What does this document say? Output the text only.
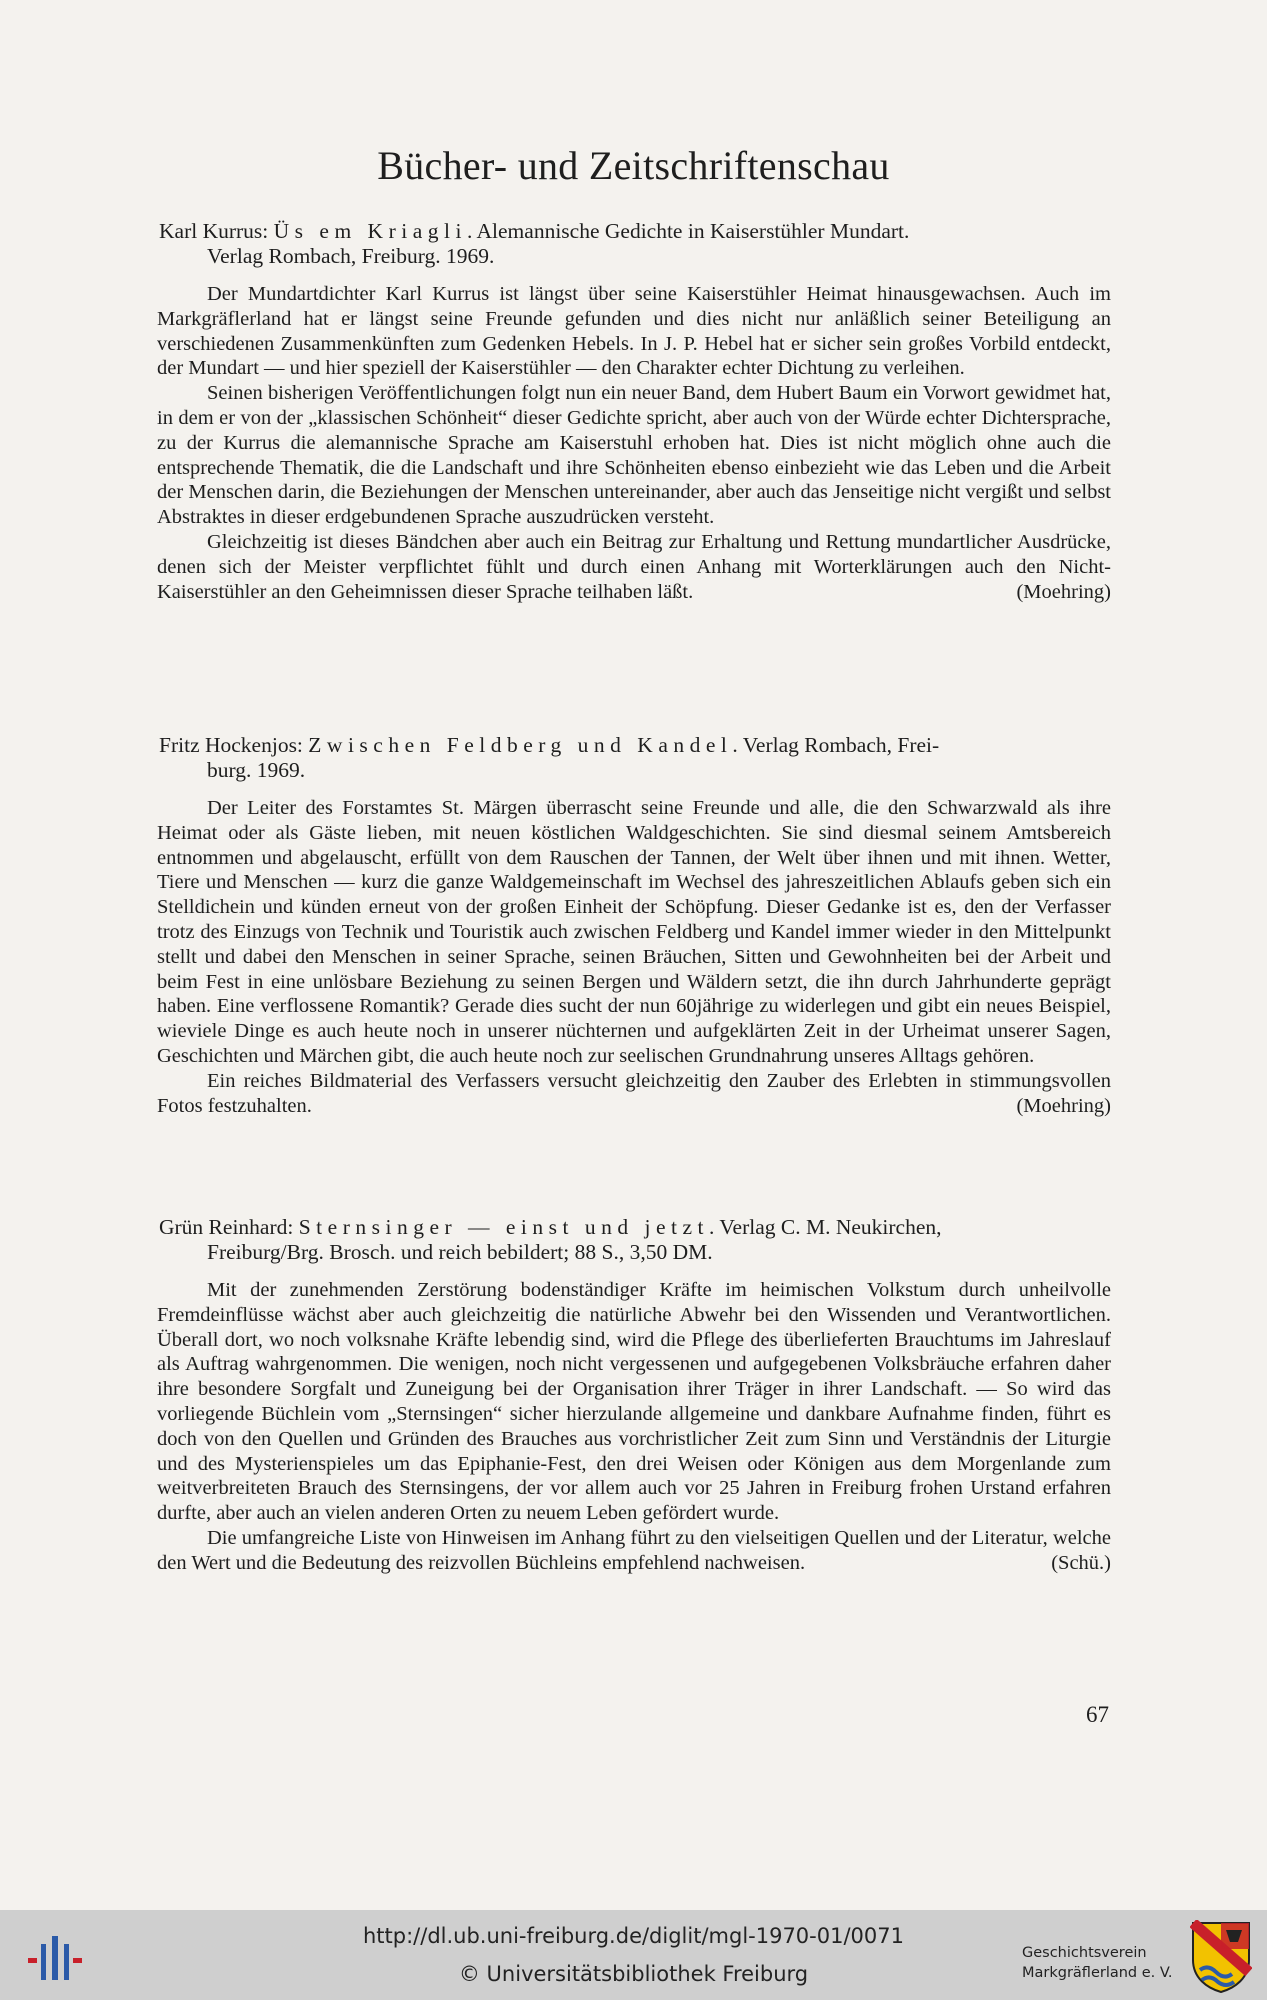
Bücher- und Zeitschriftenschau
Karl Kurrus: Üs em Kriagli. Alemannische Gedichte in Kaiserstühler Mundart.
Verlag Rombach, Freiburg. 1969.

Der Mundartdichter Karl Kurrus ist längst über seine Kaiserstühler Heimat hinausgewachsen. Auch im Markgräflerland hat er längst seine Freunde gefunden und dies nicht nur anläßlich seiner Beteiligung an verschiedenen Zusammenkünften zum Gedenken Hebels. In J. P. Hebel hat er sicher sein großes Vorbild entdeckt, der Mundart — und hier speziell der Kaiserstühler — den Charakter echter Dichtung zu verleihen.

Seinen bisherigen Veröffentlichungen folgt nun ein neuer Band, dem Hubert Baum ein Vorwort gewidmet hat, in dem er von der „klassischen Schönheit“ dieser Gedichte spricht, aber auch von der Würde echter Dichtersprache, zu der Kurrus die alemannische Sprache am Kaiserstuhl erhoben hat. Dies ist nicht möglich ohne auch die entsprechende Thematik, die die Landschaft und ihre Schönheiten ebenso einbezieht wie das Leben und die Arbeit der Menschen darin, die Beziehungen der Menschen untereinander, aber auch das Jenseitige nicht vergißt und selbst Abstraktes in dieser erdgebundenen Sprache auszudrücken versteht.

Gleichzeitig ist dieses Bändchen aber auch ein Beitrag zur Erhaltung und Rettung mundartlicher Ausdrücke, denen sich der Meister verpflichtet fühlt und durch einen Anhang mit Worterklärungen auch den Nicht-Kaiserstühler an den Geheimnissen dieser Sprache teilhaben läßt.	(Moehring)

Fritz Hockenjos: Zwischen Feldberg und Kandel. Verlag Rombach, Frei-
burg. 1969.

Der Leiter des Forstamtes St. Märgen überrascht seine Freunde und alle, die den Schwarzwald als ihre Heimat oder als Gäste lieben, mit neuen köstlichen Waldgeschichten. Sie sind diesmal seinem Amtsbereich entnommen und abgelauscht, erfüllt von dem Rauschen der Tannen, der Welt über ihnen und mit ihnen. Wetter, Tiere und Menschen — kurz die ganze Waldgemeinschaft im Wechsel des jahreszeitlichen Ablaufs geben sich ein Stelldichein und künden erneut von der großen Einheit der Schöpfung. Dieser Gedanke ist es, den der Verfasser trotz des Einzugs von Technik und Touristik auch zwischen Feldberg und Kandel immer wieder in den Mittelpunkt stellt und dabei den Menschen in seiner Sprache, seinen Bräuchen, Sitten und Gewohnheiten bei der Arbeit und beim Fest in eine unlösbare Beziehung zu seinen Bergen und Wäldern setzt, die ihn durch Jahrhunderte geprägt haben. Eine verflossene Romantik? Gerade dies sucht der nun 60jährige zu widerlegen und gibt ein neues Beispiel, wieviele Dinge es auch heute noch in unserer nüchternen und aufgeklärten Zeit in der Urheimat unserer Sagen, Geschichten und Märchen gibt, die auch heute noch zur seelischen Grundnahrung unseres Alltags gehören.

Ein reiches Bildmaterial des Verfassers versucht gleichzeitig den Zauber des Erlebten in stimmungsvollen Fotos festzuhalten.	(Moehring)

Grün Reinhard: Sternsinger — einst und jetzt. Verlag C. M. Neukirchen,
Freiburg/Brg. Brosch. und reich bebildert; 88 S., 3,50 DM.

Mit der zunehmenden Zerstörung bodenständiger Kräfte im heimischen Volkstum durch unheilvolle Fremdeinflüsse wächst aber auch gleichzeitig die natürliche Abwehr bei den Wissenden und Verantwortlichen. Überall dort, wo noch volksnahe Kräfte lebendig sind, wird die Pflege des überlieferten Brauchtums im Jahreslauf als Auftrag wahrgenommen. Die wenigen, noch nicht vergessenen und aufgegebenen Volksbräuche erfahren daher ihre besondere Sorgfalt und Zuneigung bei der Organisation ihrer Träger in ihrer Landschaft. — So wird das vorliegende Büchlein vom „Sternsingen“ sicher hierzulande allgemeine und dankbare Aufnahme finden, führt es doch von den Quellen und Gründen des Brauches aus vorchristlicher Zeit zum Sinn und Verständnis der Liturgie und des Mysterienspieles um das Epiphanie-Fest, den drei Weisen oder Königen aus dem Morgenlande zum weitverbreiteten Brauch des Sternsingens, der vor allem auch vor 25 Jahren in Freiburg frohen Urstand erfahren durfte, aber auch an vielen anderen Orten zu neuem Leben gefördert wurde.

Die umfangreiche Liste von Hinweisen im Anhang führt zu den vielseitigen Quellen und der Literatur, welche den Wert und die Bedeutung des reizvollen Büchleins empfehlend nachweisen.	(Schü.)

67
http://dl.ub.uni-freiburg.de/diglit/mgl-1970-01/0071
© Universitätsbibliothek Freiburg
Geschichtsverein
Markgräflerland e. V.
